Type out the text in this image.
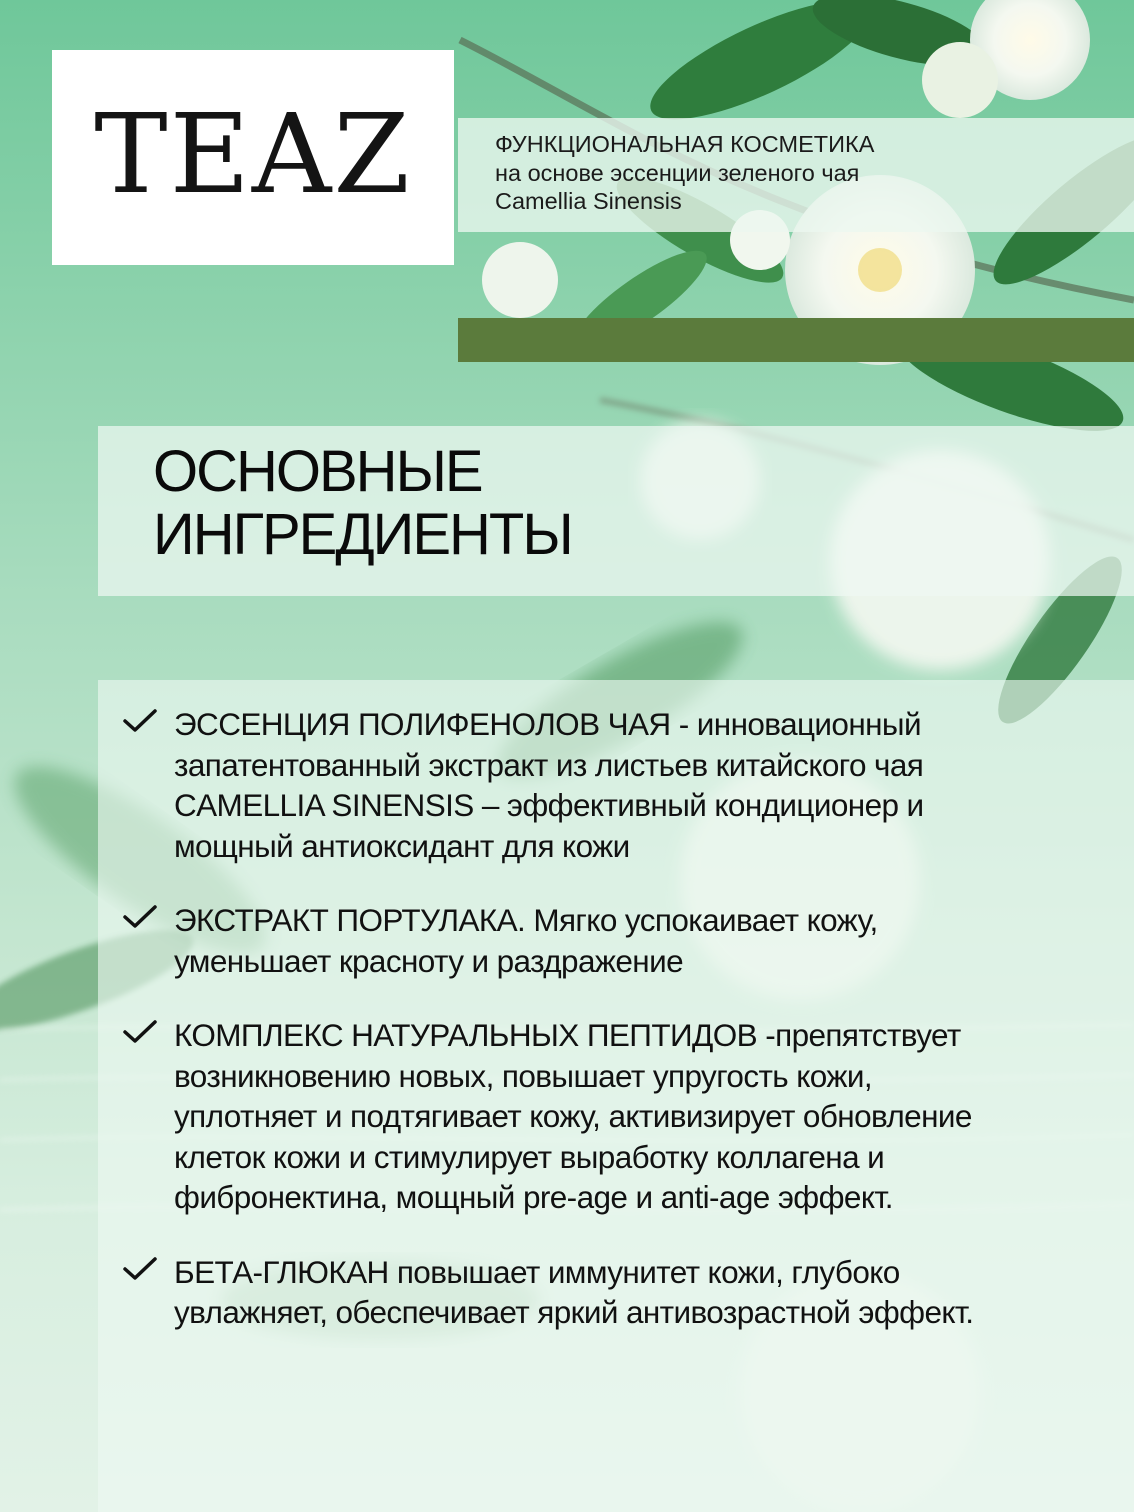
TEAZ	ФУНКЦИОНАЛЬНАЯ КОСМЕТИКА
на основе эссенции зеленого чая
Camellia Sinensis
ОСНОВНЫЕ
ИНГРЕДИЕНТЫ
ЭССЕНЦИЯ ПОЛИФЕНОЛОВ ЧАЯ - инновационный
запатентованный экстракт из листьев китайского чая
CAMELLIA SINENSIS – эффективный кондиционер и
мощный антиоксидант для кожи
ЭКСТРАКТ ПОРТУЛАКА. Мягко успокаивает кожу,
уменьшает красноту и раздражение
КОМПЛЕКС НАТУРАЛЬНЫХ ПЕПТИДОВ -препятствует
возникновению новых, повышает упругость кожи,
уплотняет и подтягивает кожу, активизирует обновление
клеток кожи и стимулирует выработку коллагена и
фибронектина, мощный pre-age и anti-age эффект.
БЕТА-ГЛЮКАН повышает иммунитет кожи, глубоко
увлажняет, обеспечивает яркий антивозрастной эффект.
